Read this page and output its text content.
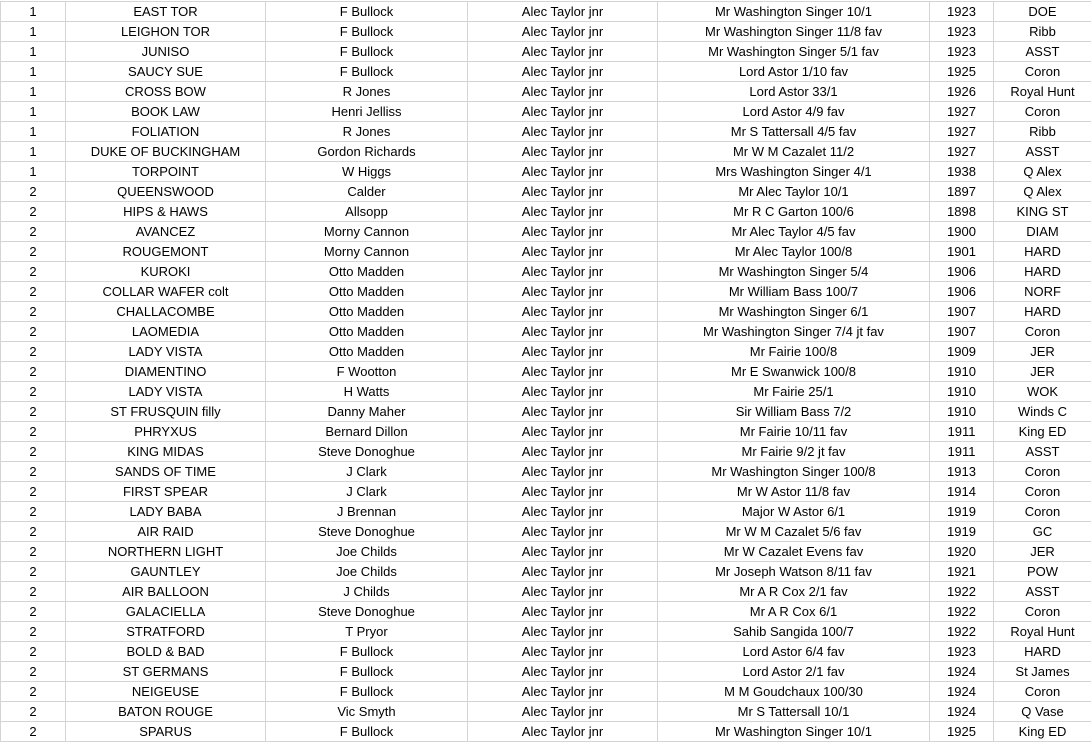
1	EAST TOR	F Bullock	Alec Taylor jnr	Mr Washington Singer 10/1	1923	DOE
1	LEIGHON TOR	F Bullock	Alec Taylor jnr	Mr Washington Singer 11/8 fav	1923	Ribb
1	JUNISO	F Bullock	Alec Taylor jnr	Mr Washington Singer 5/1 fav	1923	ASST
1	SAUCY SUE	F Bullock	Alec Taylor jnr	Lord Astor 1/10 fav	1925	Coron
1	CROSS BOW	R Jones	Alec Taylor jnr	Lord Astor 33/1	1926	Royal Hunt
1	BOOK LAW	Henri Jelliss	Alec Taylor jnr	Lord Astor 4/9 fav	1927	Coron
1	FOLIATION	R Jones	Alec Taylor jnr	Mr S Tattersall 4/5 fav	1927	Ribb
1	DUKE OF BUCKINGHAM	Gordon Richards	Alec Taylor jnr	Mr W M Cazalet 11/2	1927	ASST
1	TORPOINT	W Higgs	Alec Taylor jnr	Mrs Washington Singer 4/1	1938	Q Alex
2	QUEENSWOOD	Calder	Alec Taylor jnr	Mr Alec Taylor 10/1	1897	Q Alex
2	HIPS & HAWS	Allsopp	Alec Taylor jnr	Mr R C Garton 100/6	1898	KING ST
2	AVANCEZ	Morny Cannon	Alec Taylor jnr	Mr Alec Taylor 4/5 fav	1900	DIAM
2	ROUGEMONT	Morny Cannon	Alec Taylor jnr	Mr Alec Taylor 100/8	1901	HARD
2	KUROKI	Otto Madden	Alec Taylor jnr	Mr Washington Singer 5/4	1906	HARD
2	COLLAR WAFER colt	Otto Madden	Alec Taylor jnr	Mr William Bass 100/7	1906	NORF
2	CHALLACOMBE	Otto Madden	Alec Taylor jnr	Mr Washington Singer 6/1	1907	HARD
2	LAOMEDIA	Otto Madden	Alec Taylor jnr	Mr Washington Singer 7/4 jt fav	1907	Coron
2	LADY VISTA	Otto Madden	Alec Taylor jnr	Mr Fairie 100/8	1909	JER
2	DIAMENTINO	F Wootton	Alec Taylor jnr	Mr E Swanwick 100/8	1910	JER
2	LADY VISTA	H Watts	Alec Taylor jnr	Mr Fairie 25/1	1910	WOK
2	ST FRUSQUIN filly	Danny Maher	Alec Taylor jnr	Sir William Bass 7/2	1910	Winds C
2	PHRYXUS	Bernard Dillon	Alec Taylor jnr	Mr Fairie 10/11 fav	1911	King ED
2	KING MIDAS	Steve Donoghue	Alec Taylor jnr	Mr Fairie 9/2 jt fav	1911	ASST
2	SANDS OF TIME	J Clark	Alec Taylor jnr	Mr Washington Singer 100/8	1913	Coron
2	FIRST SPEAR	J Clark	Alec Taylor jnr	Mr W Astor 11/8 fav	1914	Coron
2	LADY BABA	J Brennan	Alec Taylor jnr	Major W Astor 6/1	1919	Coron
2	AIR RAID	Steve Donoghue	Alec Taylor jnr	Mr W M Cazalet 5/6 fav	1919	GC
2	NORTHERN LIGHT	Joe Childs	Alec Taylor jnr	Mr W Cazalet Evens fav	1920	JER
2	GAUNTLEY	Joe Childs	Alec Taylor jnr	Mr Joseph Watson 8/11 fav	1921	POW
2	AIR BALLOON	J Childs	Alec Taylor jnr	Mr A R Cox 2/1 fav	1922	ASST
2	GALACIELLA	Steve Donoghue	Alec Taylor jnr	Mr A R Cox 6/1	1922	Coron
2	STRATFORD	T Pryor	Alec Taylor jnr	Sahib Sangida 100/7	1922	Royal Hunt
2	BOLD & BAD	F Bullock	Alec Taylor jnr	Lord Astor 6/4 fav	1923	HARD
2	ST GERMANS	F Bullock	Alec Taylor jnr	Lord Astor 2/1 fav	1924	St James
2	NEIGEUSE	F Bullock	Alec Taylor jnr	M M Goudchaux 100/30	1924	Coron
2	BATON ROUGE	Vic Smyth	Alec Taylor jnr	Mr S Tattersall 10/1	1924	Q Vase
2	SPARUS	F Bullock	Alec Taylor jnr	Mr Washington Singer 10/1	1925	King ED
